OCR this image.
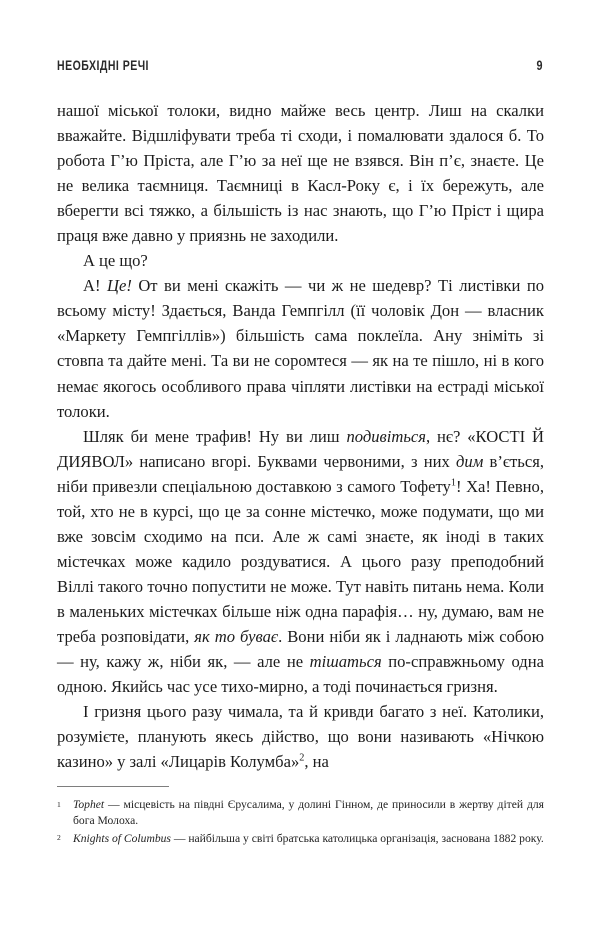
НЕОБХІДНІ РЕЧІ	9

нашої міської толоки, видно майже весь центр. Лиш на скалки вважайте. Відшліфувати треба ті сходи, і помалювати здалося б. То робота Г’ю Пріста, але Г’ю за неї ще не взявся. Він п’є, знаєте. Це не велика таємниця. Таємниці в Касл-Року є, і їх бережуть, але вберегти всі тяжко, а більшість із нас знають, що Г’ю Пріст і щира праця вже давно у приязнь не заходили.

А це що?

А! Це! От ви мені скажіть — чи ж не шедевр? Ті листівки по всьому місту! Здається, Ванда Гемпгілл (її чоловік Дон — власник «Маркету Гемпгіллів») більшість сама поклеїла. Ану зніміть зі стовпа та дайте мені. Та ви не соромтеся — як на те пішло, ні в кого немає якогось особливого права чіпляти листівки на естраді міської толоки.

Шляк би мене трафив! Ну ви лиш подивіться, нє? «КОСТІ Й ДИЯВОЛ» написано вгорі. Буквами червоними, з них дим в’ється, ніби привезли спеціальною доставкою з самого Тофету$^1$! Ха! Певно, той, хто не в курсі, що це за сонне містечко, може подумати, що ми вже зовсім сходимо на пси. Але ж самі знаєте, як іноді в таких містечках може кадило роздуватися. А цього разу преподобний Віллі такого точно попустити не може. Тут навіть питань нема. Коли в маленьких містечках більше ніж одна парафія… ну, думаю, вам не треба розповідати, як то буває. Вони ніби як і ладнають між собою — ну, кажу ж, ніби як, — але не тішаться по-справжньому одна одною. Якийсь час усе тихо-мирно, а тоді починається гризня.

І гризня цього разу чимала, та й кривди багато з неї. Католики, розумієте, планують якесь дійство, що вони називають «Нічкою казино» у залі «Лицарів Колумба»$^2$, на

1 Tophet — місцевість на півдні Єрусалима, у долині Гінном, де приносили в жертву дітей для бога Молоха.
2 Knights of Columbus — найбільша у світі братська католицька організація, заснована 1882 року.
